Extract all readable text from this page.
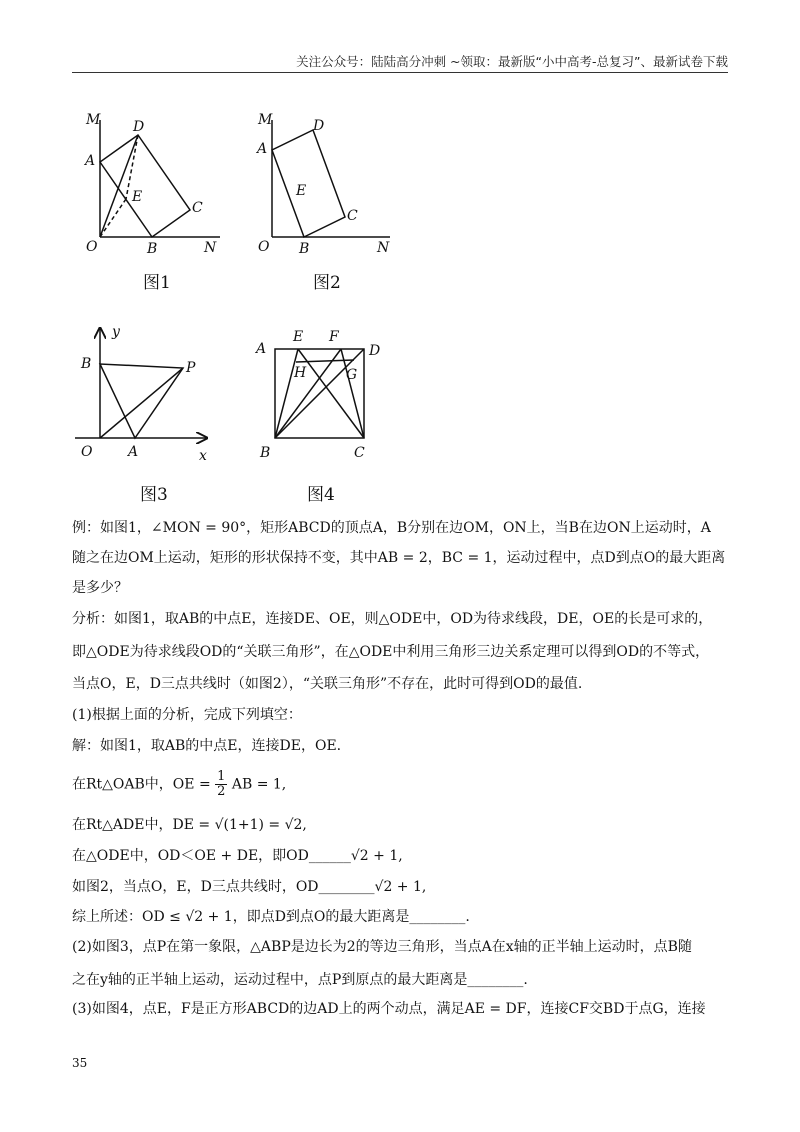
关注公众号：陆陆高分冲刺 ~领取：最新版“小中高考-总复习”、最新试卷下载
M
A
D
E
C
O	B	N
图1
M
A
D
E
C
O B	N
图2
y
B	P
O	A	x
图3
A
E F
D
H	G
B	C
图4
例：如图1，∠MON = 90°，矩形ABCD的顶点A，B分别在边OM，ON上，当B在边ON上运动时，A
随之在边OM上运动，矩形的形状保持不变，其中AB = 2，BC = 1，运动过程中，点D到点O的最大距离
是多少？
分析：如图1，取AB的中点E，连接DE、OE，则△ODE中，OD为待求线段，DE，OE的长是可求的，
即△ODE为待求线段OD的“关联三角形”，在△ODE中利用三角形三边关系定理可以得到OD的不等式，
当点O，E，D三点共线时（如图2），“关联三角形”不存在，此时可得到OD的最值.
(1)根据上面的分析，完成下列填空：
解：如图1，取AB的中点E，连接DE，OE.
在Rt△OAB中，OE = $\frac{1}{2}$ AB = 1,
在Rt△ADE中，DE = √(1+1) = √2,
在△ODE中，OD＜OE + DE，即OD______√2 + 1,
如图2，当点O，E，D三点共线时，OD________√2 + 1,
综上所述：OD ≤ √2 + 1，即点D到点O的最大距离是________.
(2)如图3，点P在第一象限，△ABP是边长为2的等边三角形，当点A在x轴的正半轴上运动时，点B随
之在y轴的正半轴上运动，运动过程中，点P到原点的最大距离是________.
(3)如图4，点E，F是正方形ABCD的边AD上的两个动点，满足AE = DF，连接CF交BD于点G，连接
35
